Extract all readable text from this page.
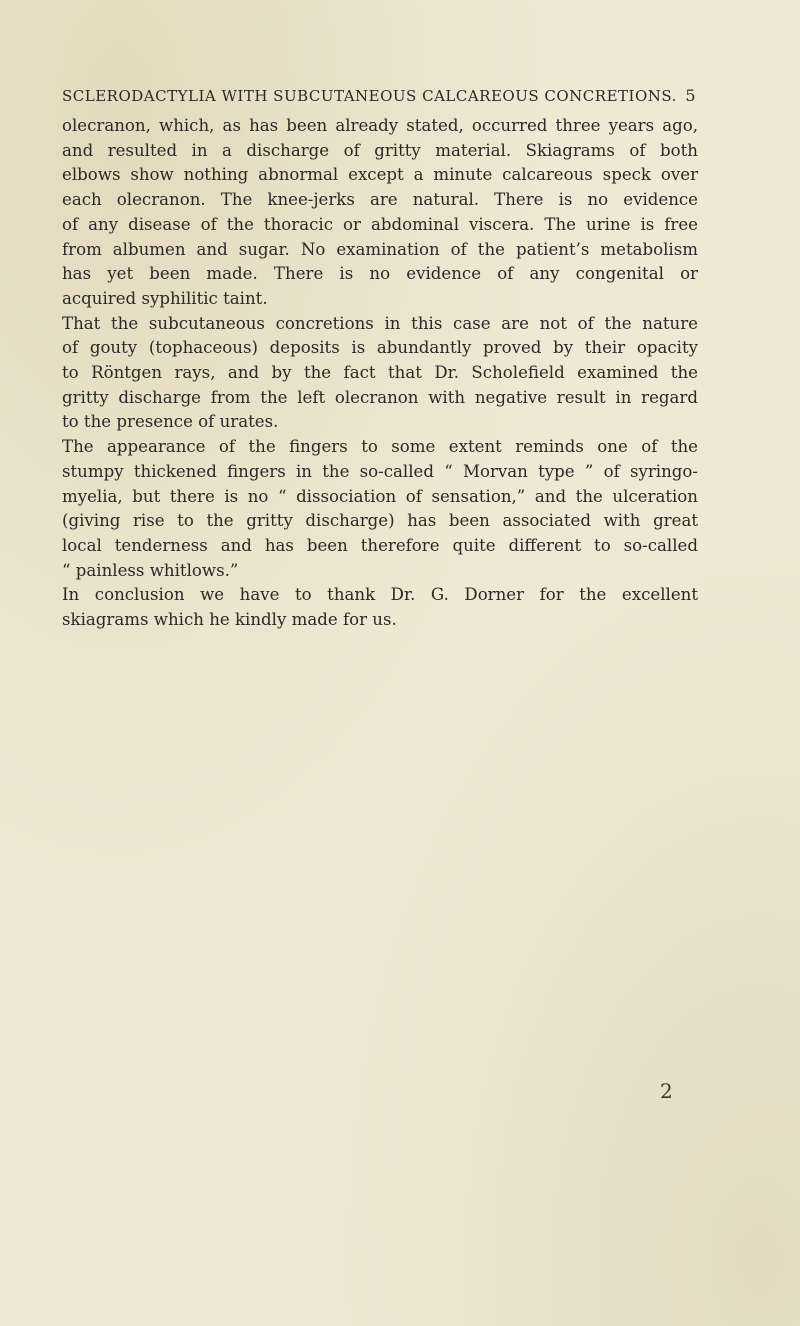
SCLERODACTYLIA WITH SUBCUTANEOUS CALCAREOUS CONCRETIONS. 5

olecranon, which, as has been already stated, occurred three years ago,
and resulted in a discharge of gritty material. Skiagrams of both
elbows show nothing abnormal except a minute calcareous speck over
each olecranon. The knee-jerks are natural. There is no evidence
of any disease of the thoracic or abdominal viscera. The urine is free
from albumen and sugar. No examination of the patient’s metabolism
has yet been made. There is no evidence of any congenital or
acquired syphilitic taint.

That the subcutaneous concretions in this case are not of the nature
of gouty (tophaceous) deposits is abundantly proved by their opacity
to Röntgen rays, and by the fact that Dr. Scholefield examined the
gritty discharge from the left olecranon with negative result in regard
to the presence of urates.

The appearance of the fingers to some extent reminds one of the
stumpy thickened fingers in the so-called “ Morvan type ” of syringo-
myelia, but there is no “ dissociation of sensation,” and the ulceration
(giving rise to the gritty discharge) has been associated with great
local tenderness and has been therefore quite different to so-called
“ painless whitlows.”

In conclusion we have to thank Dr. G. Dorner for the excellent
skiagrams which he kindly made for us.

2
